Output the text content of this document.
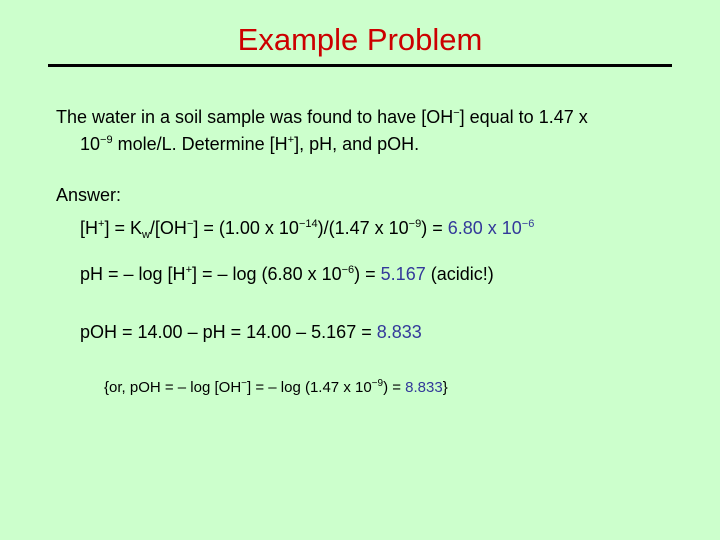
Example Problem
The water in a soil sample was found to have [OH−] equal to 1.47 x
$10^{-9}$ mole/L. Determine [H+], pH, and pOH.
Answer:
$[H^+] = K_w/[OH^-] = (1.00$ x $10^{-14})/(1.47$ x $10^{-9}) = 6.80$ x $10^{-6}$
pH = – log [H+] = – log (6.80 x $10^{-6}) = 5.167$ (acidic!)
pOH = 14.00 – pH = 14.00 – 5.167 = 8.833
{or, pOH = – log [OH−] = – log (1.47 x $10^{-9}) = 8.833$}
